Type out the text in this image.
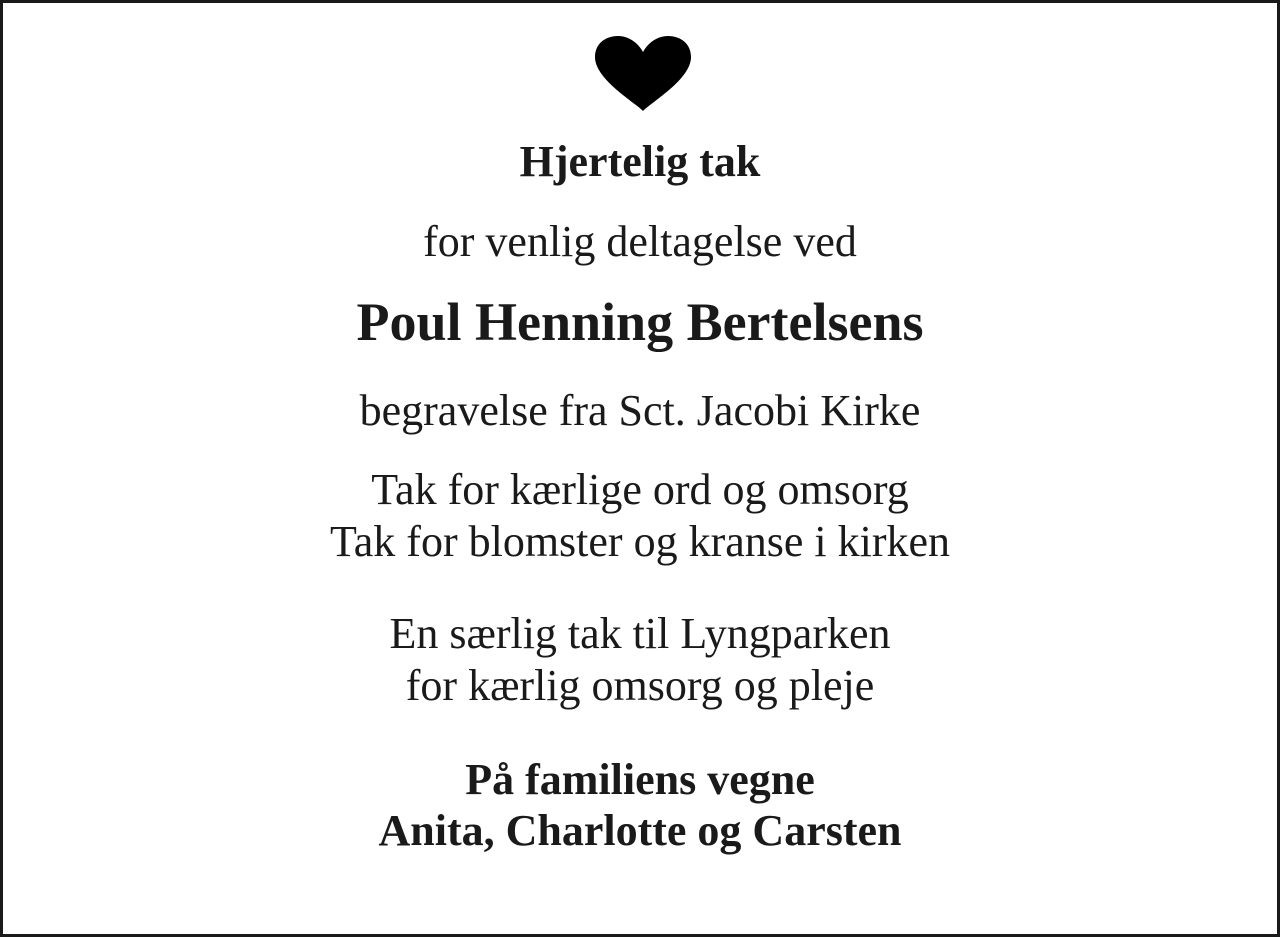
Hjertelig tak

for venlig deltagelse ved

Poul Henning Bertelsens

begravelse fra Sct. Jacobi Kirke

Tak for kærlige ord og omsorg

Tak for blomster og kranse i kirken

En særlig tak til Lyngparken

for kærlig omsorg og pleje

På familiens vegne

Anita, Charlotte og Carsten
